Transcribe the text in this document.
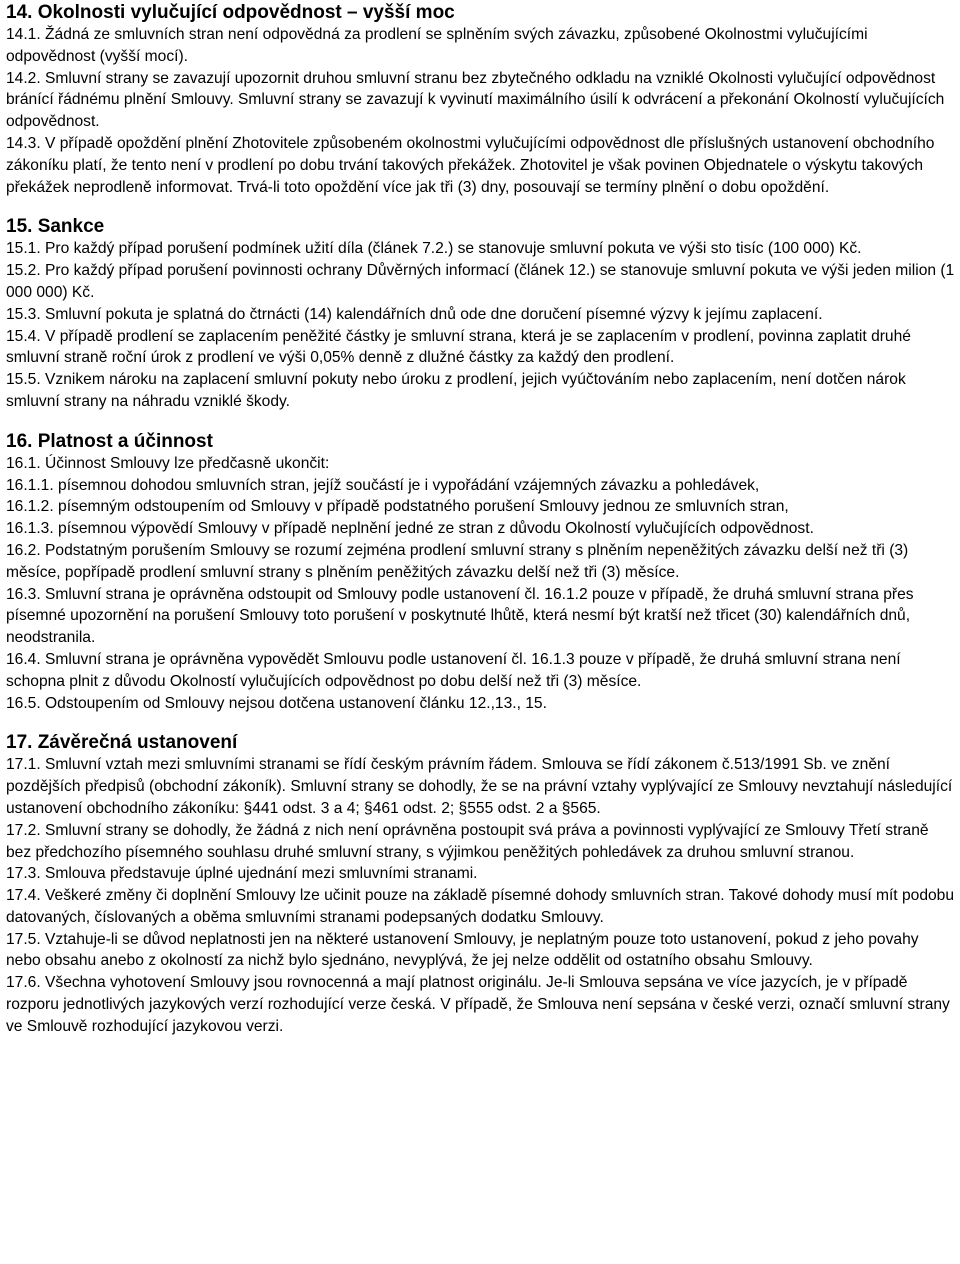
14. Okolnosti vylučující odpovědnost – vyšší moc

14.1. Žádná ze smluvních stran není odpovědná za prodlení se splněním svých závazku, způsobené Okolnostmi vylučujícími odpovědnost (vyšší mocí).

14.2. Smluvní strany se zavazují upozornit druhou smluvní stranu bez zbytečného odkladu na vzniklé Okolnosti vylučující odpovědnost bránící řádnému plnění Smlouvy. Smluvní strany se zavazují k vyvinutí maximálního úsilí k odvrácení a překonání Okolností vylučujících odpovědnost.

14.3. V případě opoždění plnění Zhotovitele způsobeném okolnostmi vylučujícími odpovědnost dle příslušných ustanovení obchodního zákoníku platí, že tento není v prodlení po dobu trvání takových překážek. Zhotovitel je však povinen Objednatele o výskytu takových překážek neprodleně informovat. Trvá-li toto opoždění více jak tři (3) dny, posouvají se termíny plnění o dobu opoždění.

15. Sankce

15.1. Pro každý případ porušení podmínek užití díla (článek 7.2.) se stanovuje smluvní pokuta ve výši sto tisíc (100 000) Kč.

15.2. Pro každý případ porušení povinnosti ochrany Důvěrných informací (článek 12.) se stanovuje smluvní pokuta ve výši jeden milion (1 000 000) Kč.

15.3. Smluvní pokuta je splatná do čtrnácti (14) kalendářních dnů ode dne doručení písemné výzvy k jejímu zaplacení.

15.4. V případě prodlení se zaplacením peněžité částky je smluvní strana, která je se zaplacením v prodlení, povinna zaplatit druhé smluvní straně roční úrok z prodlení ve výši 0,05% denně z dlužné částky za každý den prodlení.

15.5. Vznikem nároku na zaplacení smluvní pokuty nebo úroku z prodlení, jejich vyúčtováním nebo zaplacením, není dotčen nárok smluvní strany na náhradu vzniklé škody.

16. Platnost a účinnost

16.1. Účinnost Smlouvy lze předčasně ukončit:

16.1.1. písemnou dohodou smluvních stran, jejíž součástí je i vypořádání vzájemných závazku a pohledávek,

16.1.2. písemným odstoupením od Smlouvy v případě podstatného porušení Smlouvy jednou ze smluvních stran,

16.1.3. písemnou výpovědí Smlouvy v případě neplnění jedné ze stran z důvodu Okolností vylučujících odpovědnost.

16.2. Podstatným porušením Smlouvy se rozumí zejména prodlení smluvní strany s plněním nepeněžitých závazku delší než tři (3) měsíce, popřípadě prodlení smluvní strany s plněním peněžitých závazku delší než tři (3) měsíce.

16.3. Smluvní strana je oprávněna odstoupit od Smlouvy podle ustanovení čl. 16.1.2 pouze v případě, že druhá smluvní strana přes písemné upozornění na porušení Smlouvy toto porušení v poskytnuté lhůtě, která nesmí být kratší než třicet (30) kalendářních dnů, neodstranila.

16.4. Smluvní strana je oprávněna vypovědět Smlouvu podle ustanovení čl. 16.1.3 pouze v případě, že druhá smluvní strana není schopna plnit z důvodu Okolností vylučujících odpovědnost po dobu delší než tři (3) měsíce.

16.5. Odstoupením od Smlouvy nejsou dotčena ustanovení článku 12.,13., 15.

17. Závěrečná ustanovení

17.1. Smluvní vztah mezi smluvními stranami se řídí českým právním řádem. Smlouva se řídí zákonem č.513/1991 Sb. ve znění pozdějších předpisů (obchodní zákoník). Smluvní strany se dohodly, že se na právní vztahy vyplývající ze Smlouvy nevztahují následující ustanovení obchodního zákoníku: §441 odst. 3 a 4; §461 odst. 2; §555 odst. 2 a §565.

17.2. Smluvní strany se dohodly, že žádná z nich není oprávněna postoupit svá práva a povinnosti vyplývající ze Smlouvy Třetí straně bez předchozího písemného souhlasu druhé smluvní strany, s výjimkou peněžitých pohledávek za druhou smluvní stranou.

17.3. Smlouva představuje úplné ujednání mezi smluvními stranami.

17.4. Veškeré změny či doplnění Smlouvy lze učinit pouze na základě písemné dohody smluvních stran. Takové dohody musí mít podobu datovaných, číslovaných a oběma smluvními stranami podepsaných dodatku Smlouvy.

17.5. Vztahuje-li se důvod neplatnosti jen na některé ustanovení Smlouvy, je neplatným pouze toto ustanovení, pokud z jeho povahy nebo obsahu anebo z okolností za nichž bylo sjednáno, nevyplývá, že jej nelze oddělit od ostatního obsahu Smlouvy.

17.6. Všechna vyhotovení Smlouvy jsou rovnocenná a mají platnost originálu. Je-li Smlouva sepsána ve více jazycích, je v případě rozporu jednotlivých jazykových verzí rozhodující verze česká. V případě, že Smlouva není sepsána v české verzi, označí smluvní strany ve Smlouvě rozhodující jazykovou verzi.
